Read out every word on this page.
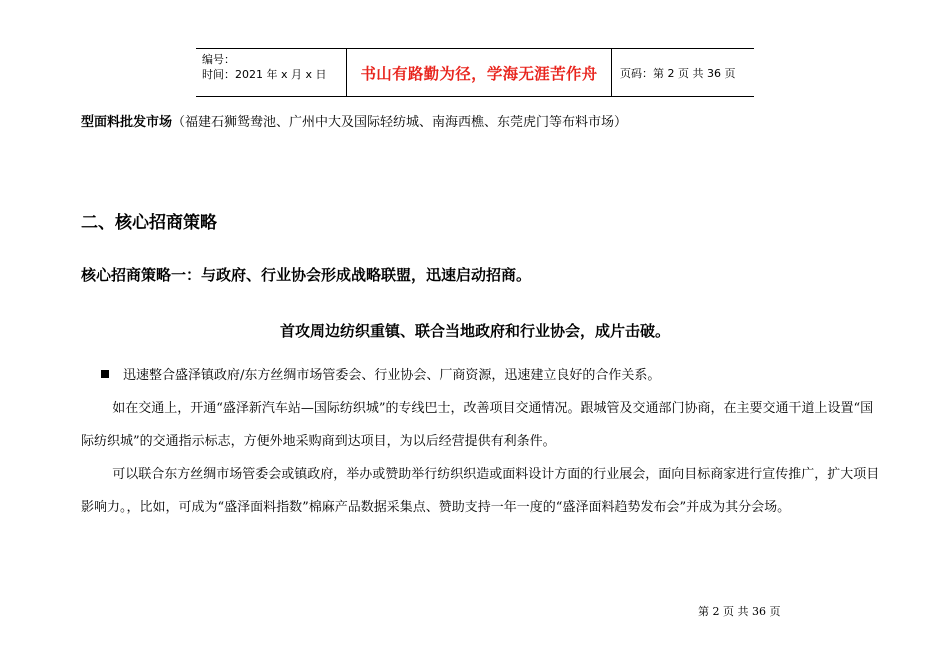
编号：
时间：2021 年 x 月 x 日	书山有路勤为径，学海无涯苦作舟	页码：第 2 页 共 36 页
型面料批发市场（福建石狮鸳鸯池、广州中大及国际轻纺城、南海西樵、东莞虎门等布料市场）
二、核心招商策略
核心招商策略一：与政府、行业协会形成战略联盟，迅速启动招商。
首攻周边纺织重镇、联合当地政府和行业协会，成片击破。
迅速整合盛泽镇政府/东方丝绸市场管委会、行业协会、厂商资源，迅速建立良好的合作关系。
如在交通上，开通“盛泽新汽车站—国际纺织城”的专线巴士，改善项目交通情况。跟城管及交通部门协商，在主要交通干道上设置“国际纺织城”的交通指示标志，方便外地采购商到达项目，为以后经营提供有利条件。
可以联合东方丝绸市场管委会或镇政府，举办或赞助举行纺织织造或面料设计方面的行业展会，面向目标商家进行宣传推广，扩大项目影响力。，比如，可成为“盛泽面料指数”棉麻产品数据采集点、赞助支持一年一度的“盛泽面料趋势发布会”并成为其分会场。
第 2 页 共 36 页
